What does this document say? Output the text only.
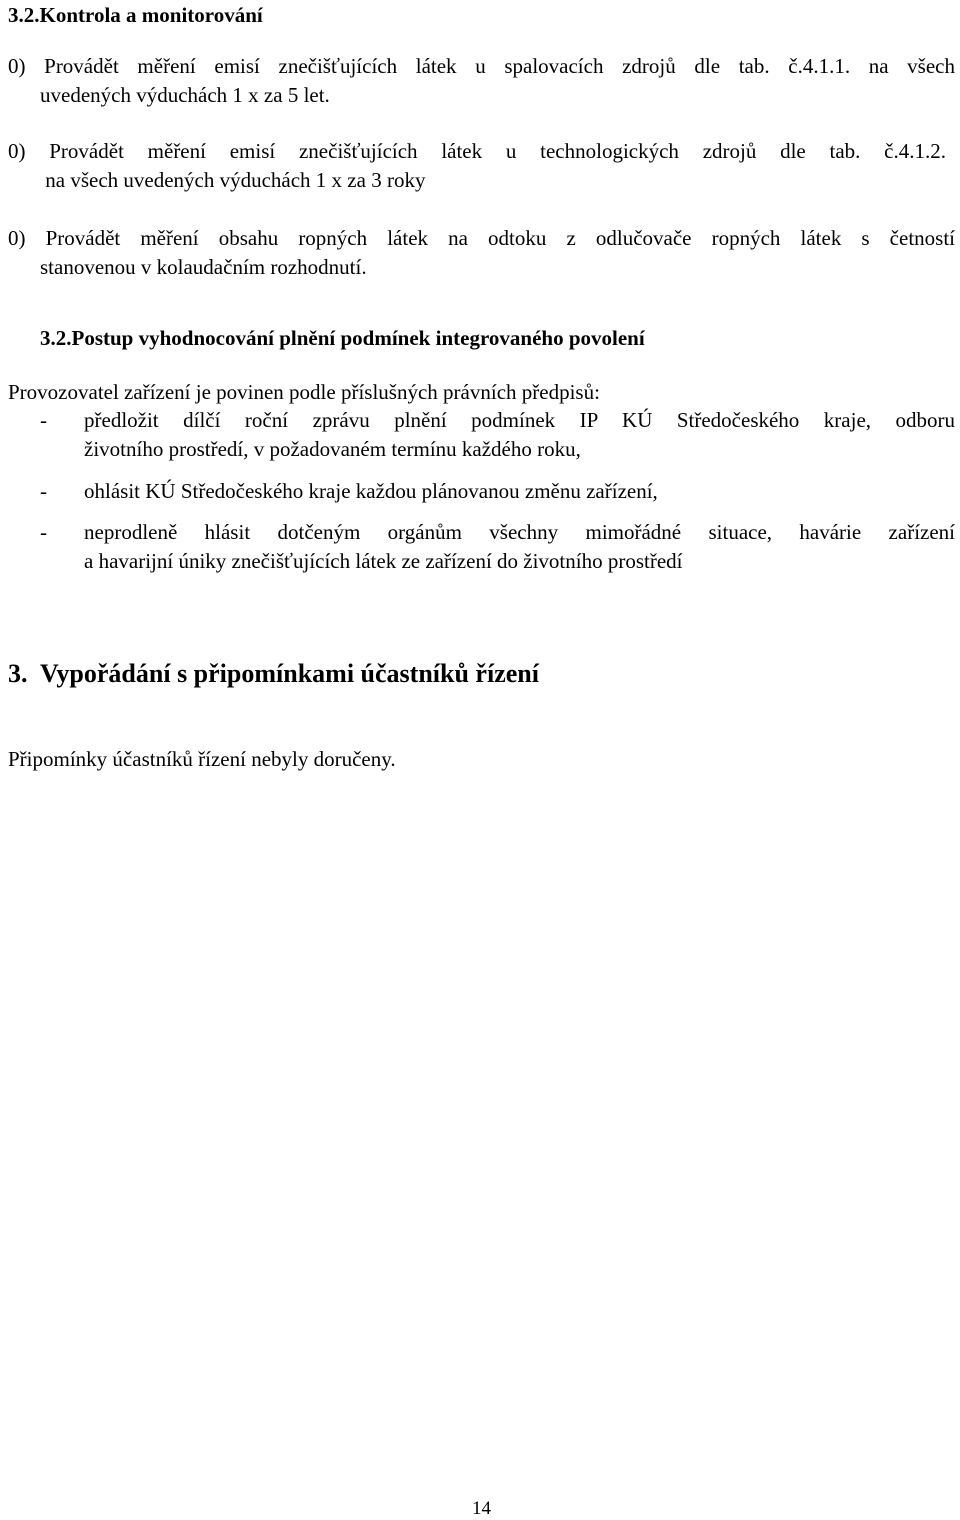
3.2.Kontrola a monitorování
0) Provádět měření emisí znečišťujících látek u spalovacích zdrojů dle tab. č.4.1.1. na všech
uvedených výduchách 1 x za 5 let.
0) Provádět měření emisí znečišťujících látek u technologických zdrojů dle tab. č.4.1.2.
na všech uvedených výduchách 1 x za 3 roky
0) Provádět měření obsahu ropných látek na odtoku z odlučovače ropných látek s četností
stanovenou v kolaudačním rozhodnutí.
3.2.Postup vyhodnocování plnění podmínek integrovaného povolení
Provozovatel zařízení je povinen podle příslušných právních předpisů:
- předložit dílčí roční zprávu plnění podmínek IP KÚ Středočeského kraje, odboru
životního prostředí, v požadovaném termínu každého roku,
- ohlásit KÚ Středočeského kraje každou plánovanou změnu zařízení,
- neprodleně hlásit dotčeným orgánům všechny mimořádné situace, havárie zařízení
a havarijní úniky znečišťujících látek ze zařízení do životního prostředí
3.  Vypořádání s připomínkami účastníků řízení
Připomínky účastníků řízení nebyly doručeny.
14
